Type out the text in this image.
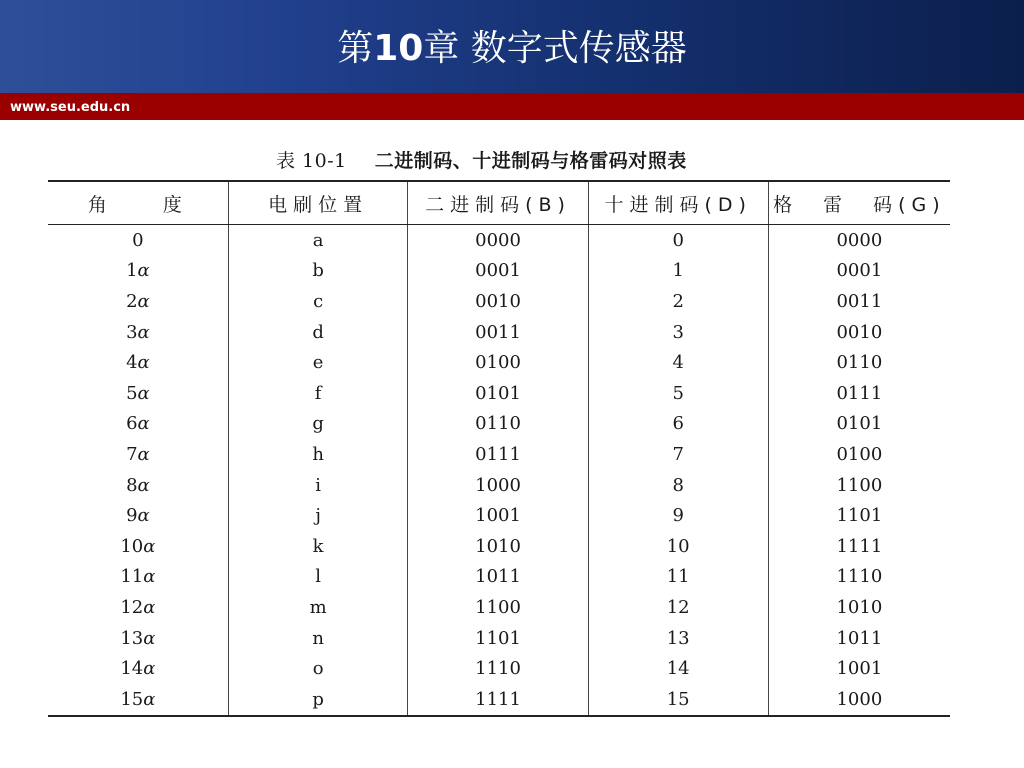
第10章 数字式传感器
www.seu.edu.cn
表 10-1 二进制码、十进制码与格雷码对照表
角　　度	电刷位置	二进制码(B)	十进制码(D)	格　雷　码(G)
0	a	0000	0	0000
1α	b	0001	1	0001
2α	c	0010	2	0011
3α	d	0011	3	0010
4α	e	0100	4	0110
5α	f	0101	5	0111
6α	g	0110	6	0101
7α	h	0111	7	0100
8α	i	1000	8	1100
9α	j	1001	9	1101
10α	k	1010	10	1111
11α	l	1011	11	1110
12α	m	1100	12	1010
13α	n	1101	13	1011
14α	o	1110	14	1001
15α	p	1111	15	1000
